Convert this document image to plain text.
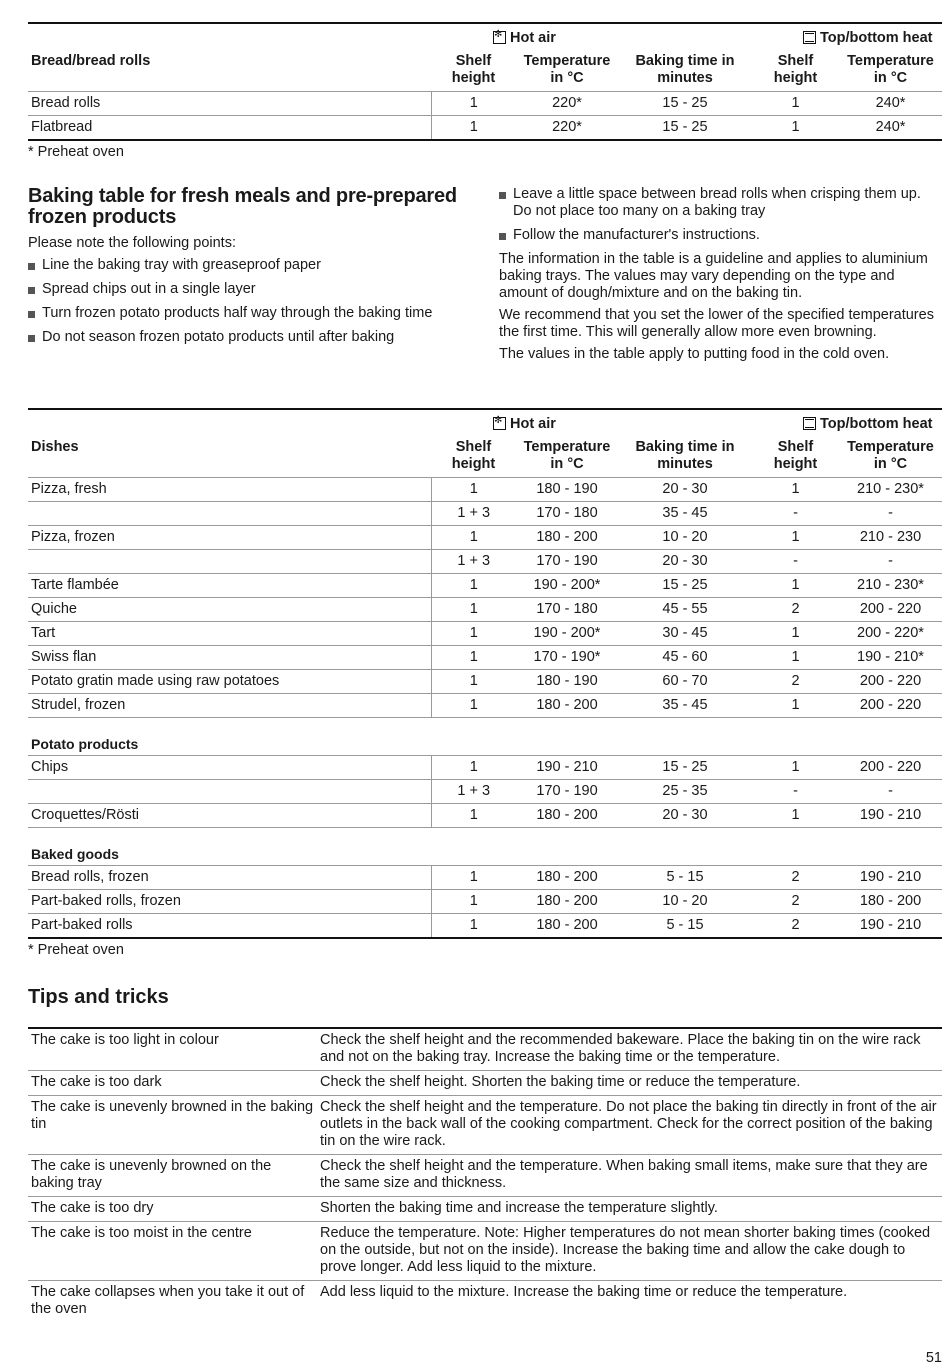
	✻Hot air			Top/bottom heat	
Bread/bread rolls	Shelf height	Temperature in °C	Baking time in minutes	Shelf height	Temperature in °C
Bread rolls	1	220*	15 - 25	1	240*
Flatbread	1	220*	15 - 25	1	240*
* Preheat oven
Baking table for fresh meals and pre-prepared frozen products

Please note the following points:

Line the baking tray with greaseproof paper
Spread chips out in a single layer
Turn frozen potato products half way through the baking time
Do not season frozen potato products until after baking
Leave a little space between bread rolls when crisping them up. Do not place too many on a baking tray
Follow the manufacturer's instructions.

The information in the table is a guideline and applies to aluminium baking trays. The values may vary depending on the type and amount of dough/mixture and on the baking tin.

We recommend that you set the lower of the specified temperatures the first time. This will generally allow more even browning.

The values in the table apply to putting food in the cold oven.

	✻Hot air			Top/bottom heat	
Dishes	Shelf height	Temperature in °C	Baking time in minutes	Shelf height	Temperature in °C
Pizza, fresh	1	180 - 190	20 - 30	1	210 - 230*
	1 + 3	170 - 180	35 - 45	-	-
Pizza, frozen	1	180 - 200	10 - 20	1	210 - 230
	1 + 3	170 - 190	20 - 30	-	-
Tarte flambée	1	190 - 200*	15 - 25	1	210 - 230*
Quiche	1	170 - 180	45 - 55	2	200 - 220
Tart	1	190 - 200*	30 - 45	1	200 - 220*
Swiss flan	1	170 - 190*	45 - 60	1	190 - 210*
Potato gratin made using raw potatoes	1	180 - 190	60 - 70	2	200 - 220
Strudel, frozen	1	180 - 200	35 - 45	1	200 - 220
Potato products					
Chips	1	190 - 210	15 - 25	1	200 - 220
	1 + 3	170 - 190	25 - 35	-	-
Croquettes/Rösti	1	180 - 200	20 - 30	1	190 - 210
Baked goods					
Bread rolls, frozen	1	180 - 200	5 - 15	2	190 - 210
Part-baked rolls, frozen	1	180 - 200	10 - 20	2	180 - 200
Part-baked rolls	1	180 - 200	5 - 15	2	190 - 210
* Preheat oven
Tips and tricks
The cake is too light in colour	Check the shelf height and the recommended bakeware. Place the baking tin on the wire rack and not on the baking tray. Increase the baking time or the temperature.
The cake is too dark	Check the shelf height. Shorten the baking time or reduce the temperature.
The cake is unevenly browned in the baking tin	Check the shelf height and the temperature. Do not place the baking tin directly in front of the air outlets in the back wall of the cooking compartment. Check for the correct position of the baking tin on the wire rack.
The cake is unevenly browned on the baking tray	Check the shelf height and the temperature. When baking small items, make sure that they are the same size and thickness.
The cake is too dry	Shorten the baking time and increase the temperature slightly.
The cake is too moist in the centre	Reduce the temperature. Note: Higher temperatures do not mean shorter baking times (cooked on the outside, but not on the inside). Increase the baking time and allow the cake dough to prove longer. Add less liquid to the mixture.
The cake collapses when you take it out of the oven	Add less liquid to the mixture. Increase the baking time or reduce the temperature.
51
